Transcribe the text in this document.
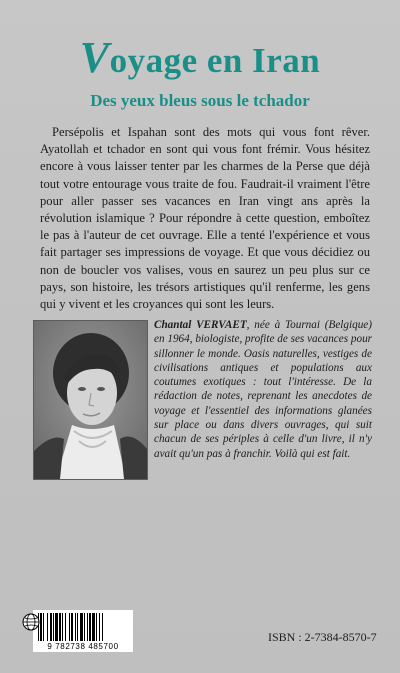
Voyage en Iran
Des yeux bleus sous le tchador

Persépolis et Ispahan sont des mots qui vous font rêver. Ayatollah et tchador en sont qui vous font frémir. Vous hésitez encore à vous laisser tenter par les charmes de la Perse que déjà tout votre entourage vous traite de fou. Faudrait-il vraiment l'être pour aller passer ses vacances en Iran vingt ans après la révolution islamique ? Pour répondre à cette question, emboîtez le pas à l'auteur de cet ouvrage. Elle a tenté l'expérience et vous fait partager ses impressions de voyage. Et que vous décidiez ou non de boucler vos valises, vous en saurez un peu plus sur ce pays, son histoire, les trésors artistiques qu'il renferme, les gens qui y vivent et les croyances qui sont les leurs.

Chantal VERVAET, née à Tournai (Belgique) en 1964, biologiste, profite de ses vacances pour sillonner le monde. Oasis naturelles, vestiges de civilisations antiques et populations aux coutumes exotiques : tout l'intéresse. De la rédaction de notes, reprenant les anecdotes de voyage et l'essentiel des informations glanées sur place ou dans divers ouvrages, qui suit chacun de ses périples à celle d'un livre, il n'y avait qu'un pas à franchir. Voilà qui est fait.

9 782738 485700

ISBN : 2-7384-8570-7
